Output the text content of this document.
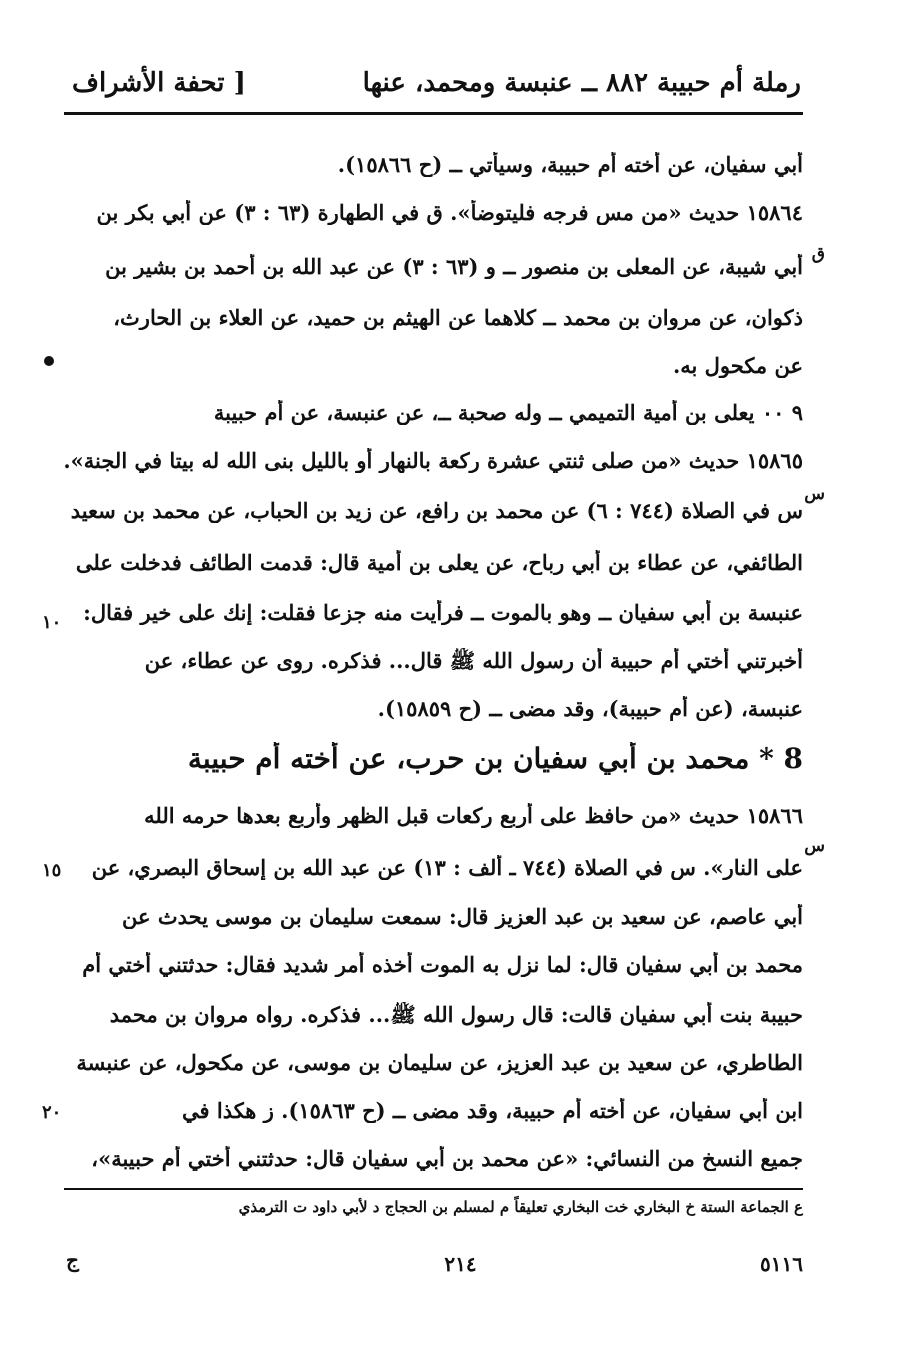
رملة أم حبيبة ٨٨٢ ــ عنبسة ومحمد، عنها
[ تحفة الأشراف
أبي سفيان، عن أخته أم حبيبة، وسيأتي ــ (ح ١٥٨٦٦).
١٥٨٦٤ حديث «من مس فرجه فليتوضأ». ق في الطهارة (٦٣ : ٣) عن أبي بكر بن
أبي شيبة، عن المعلى بن منصور ــ و (٦٣ : ٣) عن عبد الله بن أحمد بن بشير بن
ذكوان، عن مروان بن محمد ــ كلاهما عن الهيثم بن حميد، عن العلاء بن الحارث،
عن مكحول به.
٩ ٠٠ يعلى بن أمية التميمي ــ وله صحبة ــ، عن عنبسة، عن أم حبيبة
١٥٨٦٥ حديث «من صلى ثنتي عشرة ركعة بالنهار أو بالليل بنى الله له بيتا في الجنة».
س في الصلاة (٧٤٤ : ٦) عن محمد بن رافع، عن زيد بن الحباب، عن محمد بن سعيد
الطائفي، عن عطاء بن أبي رباح، عن يعلى بن أمية قال: قدمت الطائف فدخلت على
عنبسة بن أبي سفيان ــ وهو بالموت ــ فرأيت منه جزعا فقلت: إنك على خير فقال:
أخبرتني أختي أم حبيبة أن رسول الله ﷺ قال... فذكره. روى عن عطاء، عن
عنبسة، (عن أم حبيبة)، وقد مضى ــ (ح ١٥٨٥٩).
8 * محمد بن أبي سفيان بن حرب، عن أخته أم حبيبة
١٥٨٦٦ حديث «من حافظ على أربع ركعات قبل الظهر وأربع بعدها حرمه الله
على النار». س في الصلاة (٧٤٤ ـ ألف : ١٣) عن عبد الله بن إسحاق البصري، عن
أبي عاصم، عن سعيد بن عبد العزيز قال: سمعت سليمان بن موسى يحدث عن
محمد بن أبي سفيان قال: لما نزل به الموت أخذه أمر شديد فقال: حدثتني أختي أم
حبيبة بنت أبي سفيان قالت: قال رسول الله ﷺ... فذكره. رواه مروان بن محمد
الطاطري، عن سعيد بن عبد العزيز، عن سليمان بن موسى، عن مكحول، عن عنبسة
ابن أبي سفيان، عن أخته أم حبيبة، وقد مضى ــ (ح ١٥٨٦٣). ز هكذا في
جميع النسخ من النسائي: «عن محمد بن أبي سفيان قال: حدثتني أختي أم حبيبة»،
١٠
١٥
٢٠
ق
س
س
ع الجماعة الستة خ البخاري خت البخاري تعليقاً م لمسلم بن الحجاج د لأبي داود ت الترمذي
ج	٢١٤	٥١١٦
